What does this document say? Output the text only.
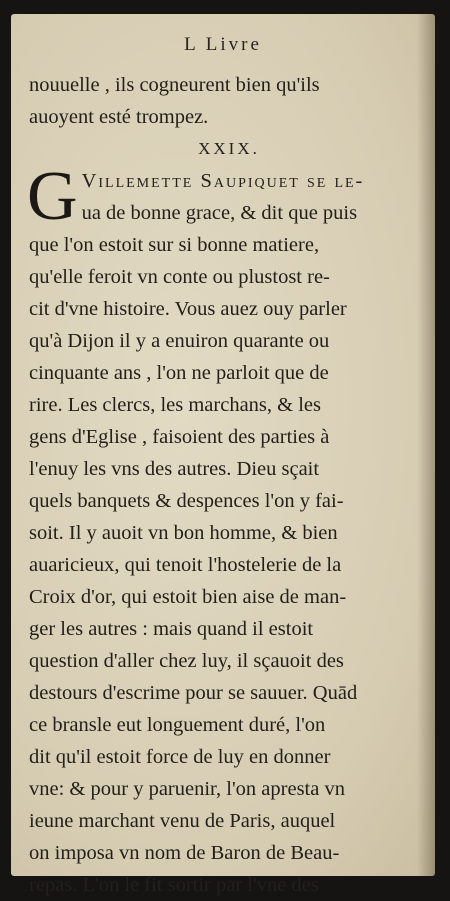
L Livre
nouuelle , ils cogneurent bien qu'ils
auoyent esté trompez.
XXIX.
G Villemette Saupiquet se le-
ua de bonne grace, & dit que puis
que l'on estoit sur si bonne matiere,
qu'elle feroit vn conte ou plustost re-
cit d'vne histoire. Vous auez ouy parler
qu'à Dijon il y a enuiron quarante ou
cinquante ans , l'on ne parloit que de
rire. Les clercs, les marchans, & les
gens d'Eglise , faisoient des parties à
l'enuy les vns des autres. Dieu sçait
quels banquets & despences l'on y fai-
soit. Il y auoit vn bon homme, & bien
auaricieux, qui tenoit l'hostelerie de la
Croix d'or, qui estoit bien aise de man-
ger les autres : mais quand il estoit
question d'aller chez luy, il sçauoit des
destours d'escrime pour se sauuer. Quād
ce bransle eut longuement duré, l'on
dit qu'il estoit force de luy en donner
vne: & pour y paruenir, l'on apresta vn
ieune marchant venu de Paris, auquel
on imposa vn nom de Baron de Beau-
repas. L'on le fit sortir par l'vne des
